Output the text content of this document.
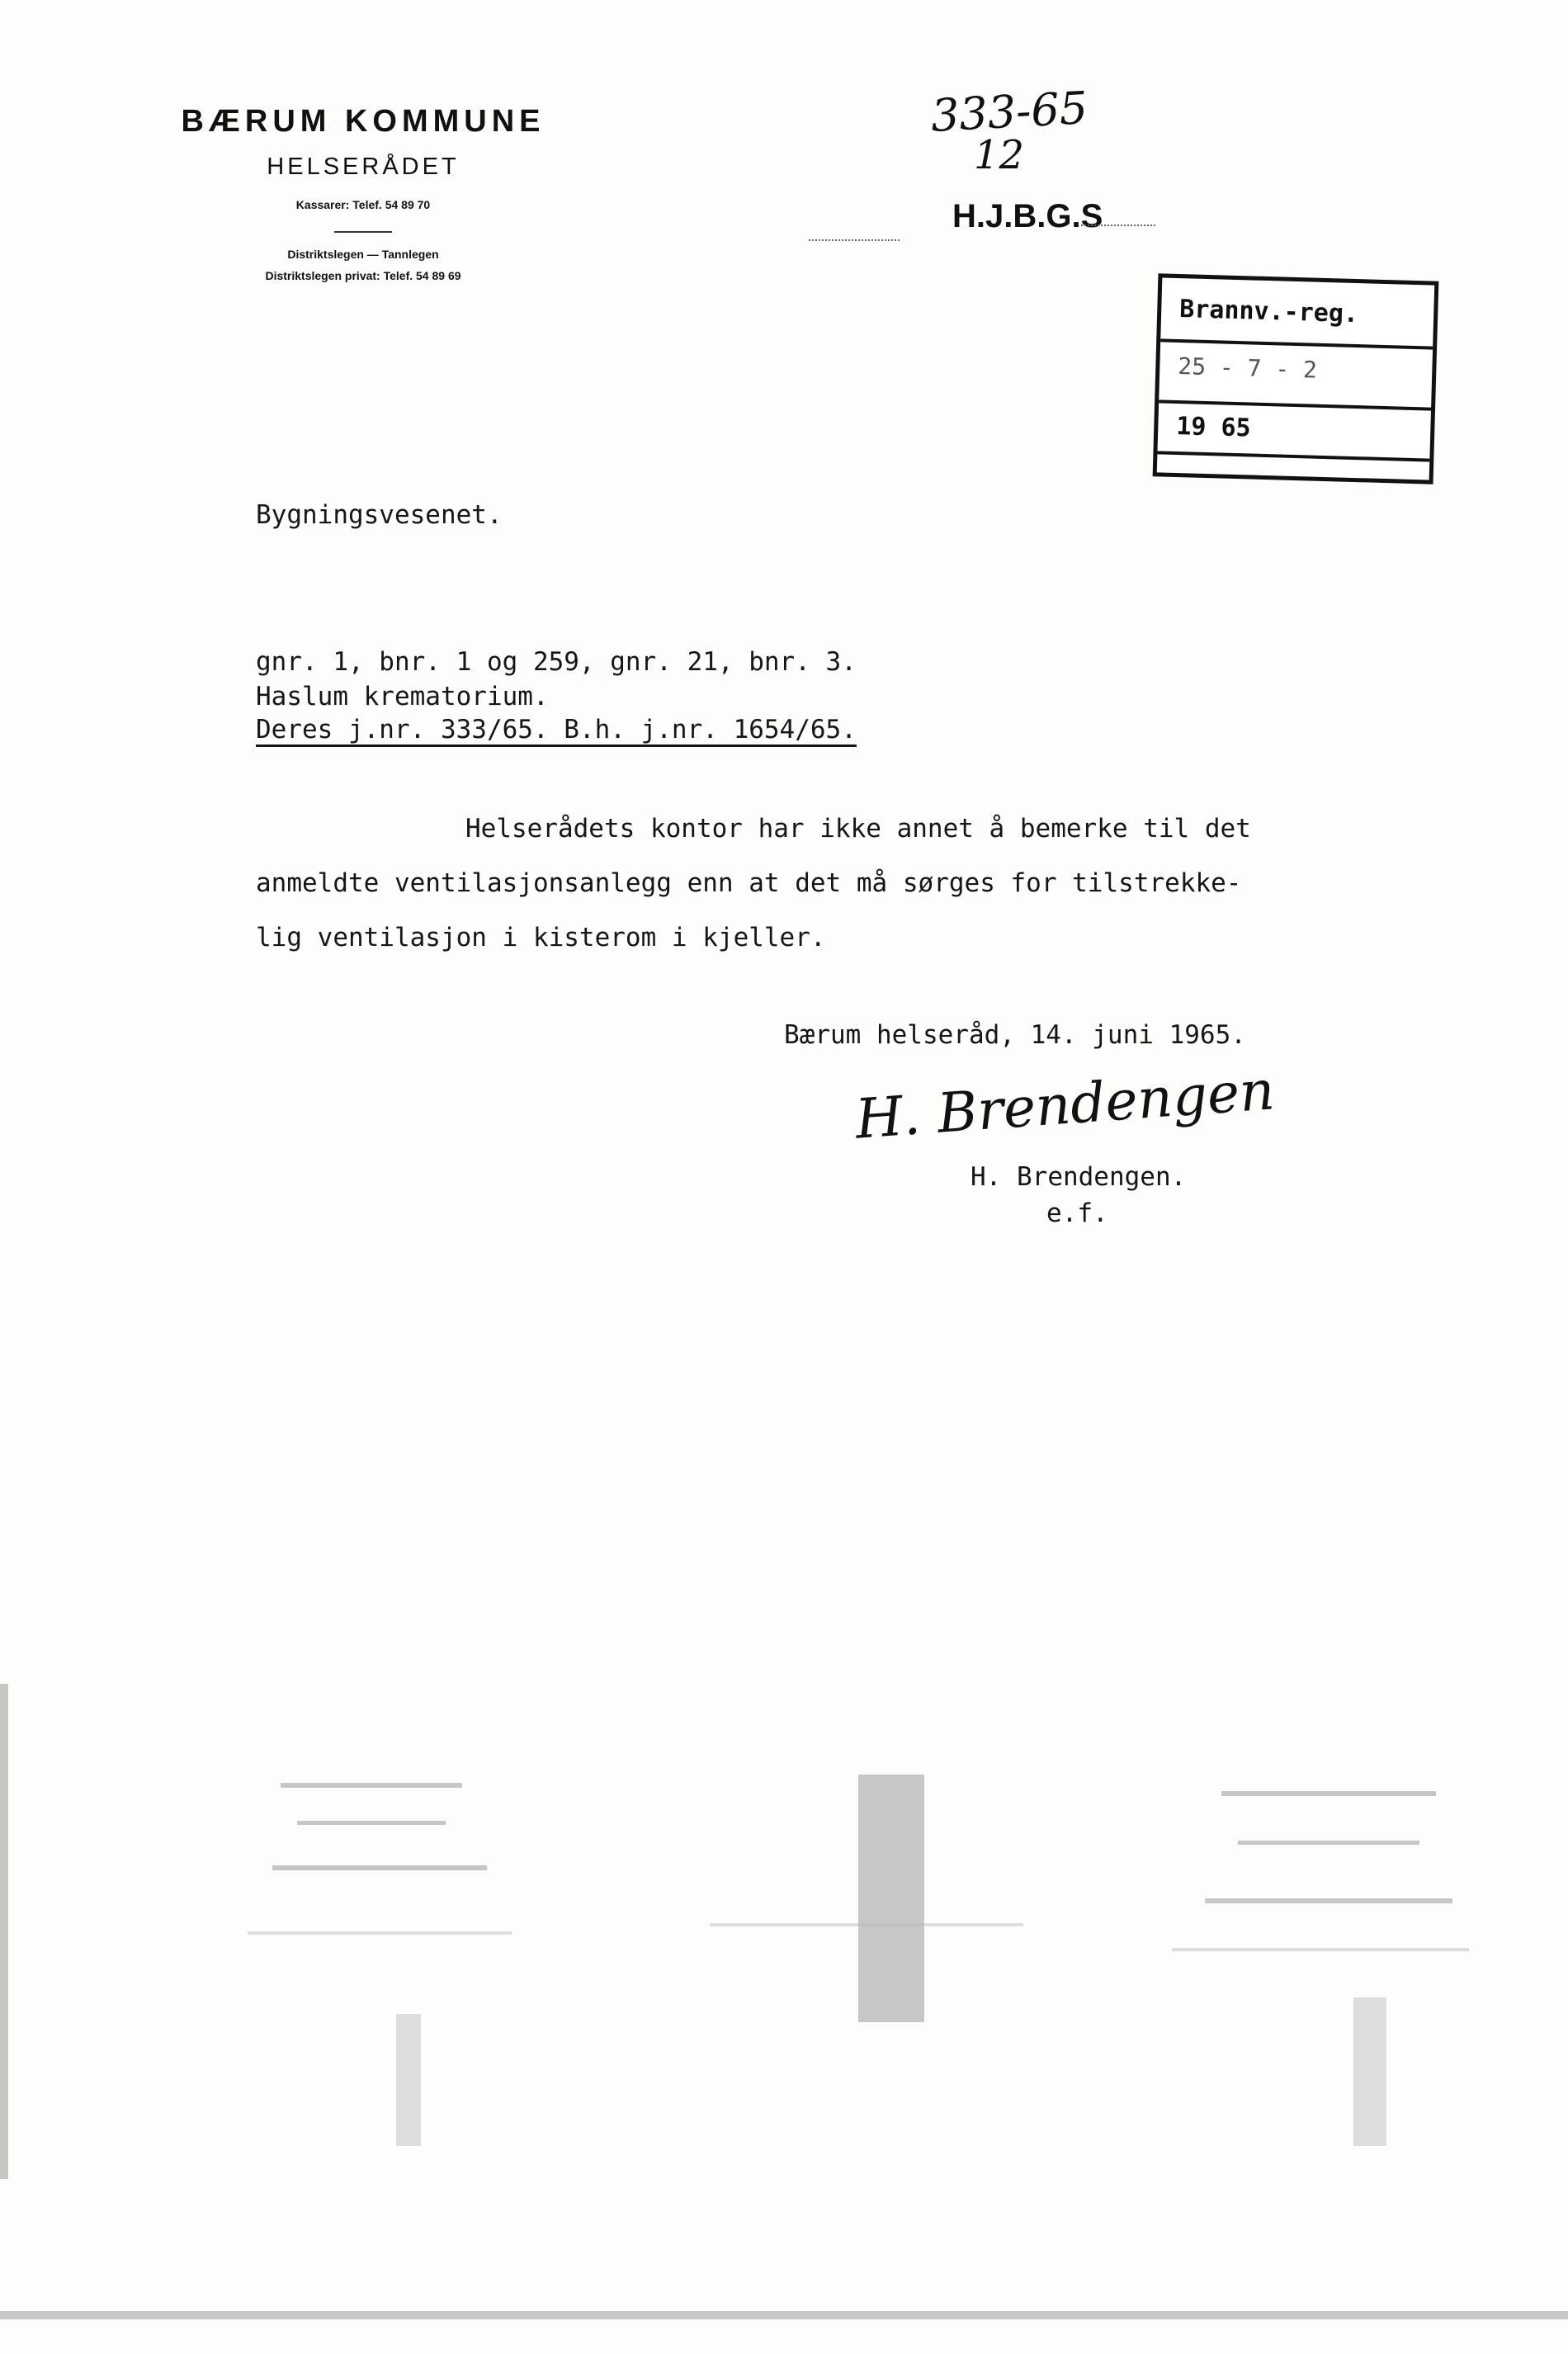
BÆRUM KOMMUNE
HELSERÅDET
Kassarer: Telef. 54 89 70
Distriktslegen — Tannlegen
Distriktslegen privat: Telef. 54 89 69
333-65
12
H.J.B.G.S
Brannv.-reg.
25 - 7 - 2
19 65
Bygningsvesenet.
gnr. 1, bnr. 1 og 259, gnr. 21, bnr. 3.
Haslum krematorium.
Deres j.nr. 333/65. B.h. j.nr. 1654/65.
Helserådets kontor har ikke annet å bemerke til det
anmeldte ventilasjonsanlegg enn at det må sørges for tilstrekke-
lig ventilasjon i kisterom i kjeller.
Bærum helseråd, 14. juni 1965.
H. Brendengen
H. Brendengen.
e.f.
